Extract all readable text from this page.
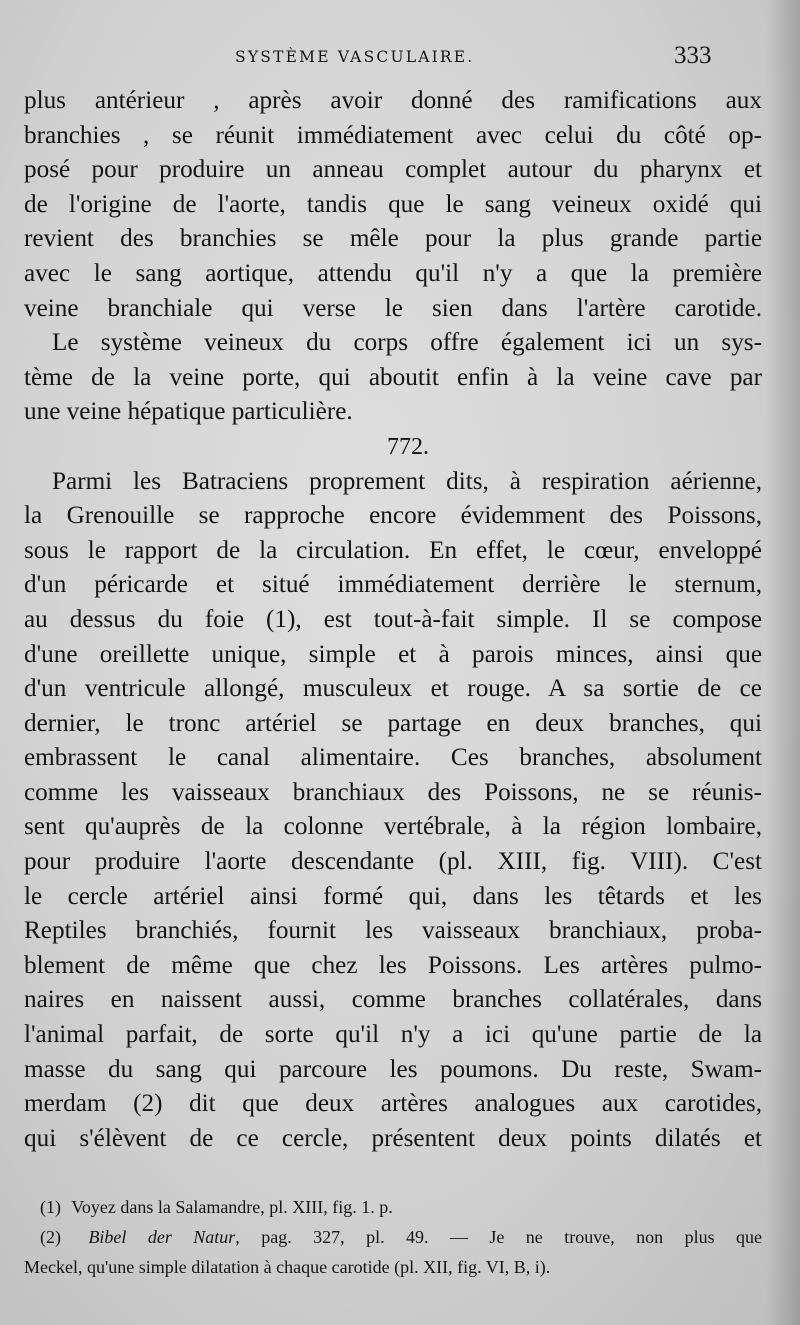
SYSTÈME VASCULAIRE.	333
plus antérieur , après avoir donné des ramifications aux
branchies , se réunit immédiatement avec celui du côté op-
posé pour produire un anneau complet autour du pharynx et
de l'origine de l'aorte, tandis que le sang veineux oxidé qui
revient des branchies se mêle pour la plus grande partie
avec le sang aortique, attendu qu'il n'y a que la première
veine branchiale qui verse le sien dans l'artère carotide.
Le système veineux du corps offre également ici un sys-
tème de la veine porte, qui aboutit enfin à la veine cave par
une veine hépatique particulière.
772.
Parmi les Batraciens proprement dits, à respiration aérienne,
la Grenouille se rapproche encore évidemment des Poissons,
sous le rapport de la circulation. En effet, le cœur, enveloppé
d'un péricarde et situé immédiatement derrière le sternum,
au dessus du foie (1), est tout-à-fait simple. Il se compose
d'une oreillette unique, simple et à parois minces, ainsi que
d'un ventricule allongé, musculeux et rouge. A sa sortie de ce
dernier, le tronc artériel se partage en deux branches, qui
embrassent le canal alimentaire. Ces branches, absolument
comme les vaisseaux branchiaux des Poissons, ne se réunis-
sent qu'auprès de la colonne vertébrale, à la région lombaire,
pour produire l'aorte descendante (pl. XIII, fig. VIII). C'est
le cercle artériel ainsi formé qui, dans les têtards et les
Reptiles branchiés, fournit les vaisseaux branchiaux, proba-
blement de même que chez les Poissons. Les artères pulmo-
naires en naissent aussi, comme branches collatérales, dans
l'animal parfait, de sorte qu'il n'y a ici qu'une partie de la
masse du sang qui parcoure les poumons. Du reste, Swam-
merdam (2) dit que deux artères analogues aux carotides,
qui s'élèvent de ce cercle, présentent deux points dilatés et
(1) Voyez dans la Salamandre, pl. XIII, fig. 1. p.
(2) Bibel der Natur, pag. 327, pl. 49. — Je ne trouve, non plus que
Meckel, qu'une simple dilatation à chaque carotide (pl. XII, fig. VI, B, i).
